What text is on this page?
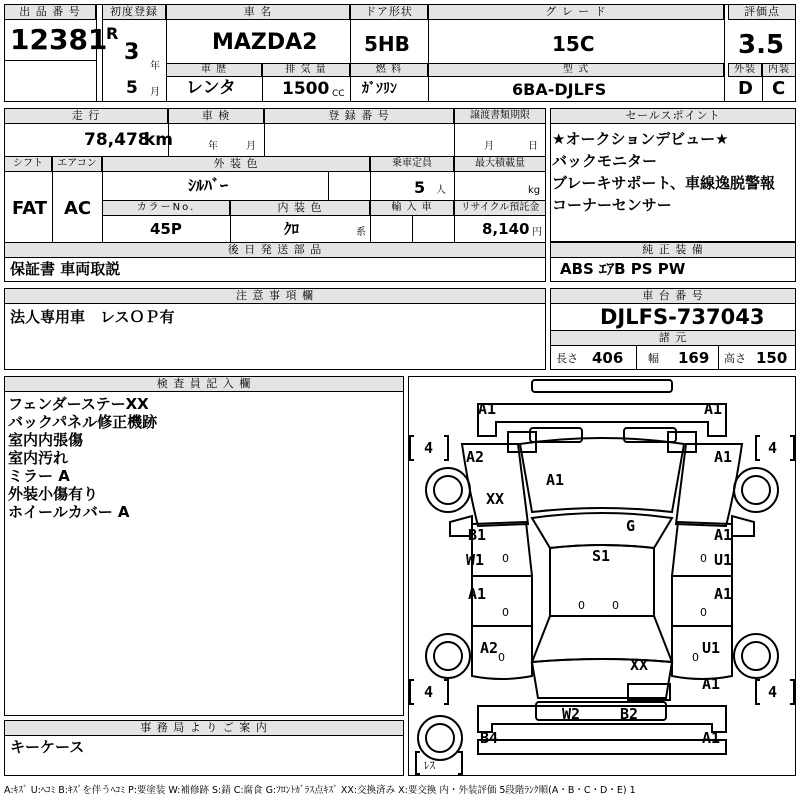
出 品 番 号
12381
初度登録
R
3
年
5 月
車 名
MAZDA2
ドア形状
5HB
グ レ ー ド
15C
評価点
3.5
車 歴
レンタ
排 気 量
1500 CC
燃 料
ｶﾞｿﾘﾝ
型 式
6BA-DJLFS
外装	内装
D C
走 行
78,478
km
車 検
年	月
登 録 番 号	譲渡書類期限
月	日
シフト
FAT
エアコン
AC
外 装 色
ｼﾙﾊﾞｰ
乗車定員
5 人
最大積載量
kg
カラーNo.
45P
内 装 色
ｸﾛ	系
輸 入 車	リサイクル預託金
8,140 円
後 日 発 送 部 品
保証書 車両取説
セールスポイント
★オークションデビュー★
バックモニター
ブレーキサポート、車線逸脱警報
コーナーセンサー
純 正 装 備
ABS ｴｱB PS PW
注 意 事 項 欄
法人専用車　レスＯＰ有
車 台 番 号
DJLFS-737043
諸 元
長さ 406 幅 169 高さ 150
検 査 員 記 入 欄
フェンダーステーXX
バックパネル修正機跡
室内内張傷
室内汚れ
ミラー A
外装小傷有り
ホイールカバー A
事 務 局 よ り ご 案 内
キーケース
A1	A1
4	4
A2	A1
A1
XX
G
B1
W1
A1
U1
S1
A1	A1
A2	U1
XX
A1
4	4
W2	B2
B4	A1
0	0
0	0
0	0
0 0
ﾚｽ
A:ｷｽﾞ U:ﾍｺﾐ B:ｷｽﾞを伴うﾍｺﾐ P:要塗装 W:補修跡 S:錆 C:腐食 G:ﾌﾛﾝﾄｶﾞﾗｽ点ｷｽﾞ XX:交換済み X:要交換 内・外装評価 5段階ﾗﾝｸ順(A・B・C・D・E) 1
